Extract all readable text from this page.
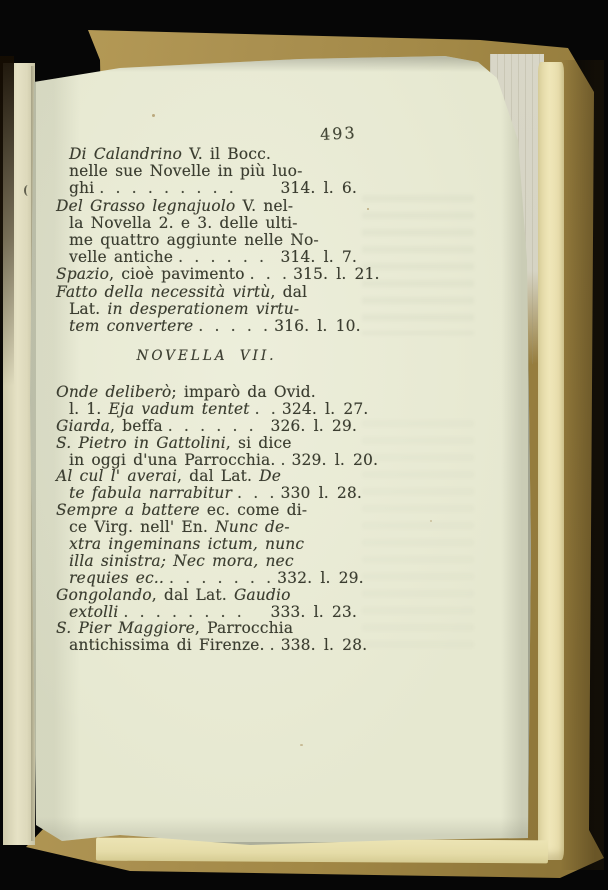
493
Di Calandrino V. il Bocc.
nelle sue Novelle in più luo-
ghi . . . . . . . . .	314. l. 6.
Del Grasso legnajuolo V. nel-
la Novella 2. e 3. delle ulti-
me quattro aggiunte nelle No-
velle antiche . . . . . .	314. l. 7.
Spazio, cioè pavimento . . . 315. l. 21.
Fatto della necessità virtù, dal
Lat. in desperationem virtu-
tem convertere . . . . . 316. l. 10.
NOVELLA VII.
Onde deliberò; imparò da Ovid.
l. 1. Eja vadum tentet . . 324. l. 27.
Giarda, beffa . . . . . .	326. l. 29.
S. Pietro in Gattolini, si dice
in oggi d'una Parrocchia. . 329. l. 20.
Al cul l' averai, dal Lat. De
te fabula narrabitur . . . 330 l. 28.
Sempre a battere ec. come di-
ce Virg. nell' En. Nunc de-
xtra ingeminans ictum, nunc
illa sinistra; Nec mora, nec
requies ec.. . . . . . . . 332. l. 29.
Gongolando, dal Lat. Gaudio
extolli . . . . . . . .	333. l. 23.
S. Pier Maggiore, Parrocchia
antichissima di Firenze. . 338. l. 28.
